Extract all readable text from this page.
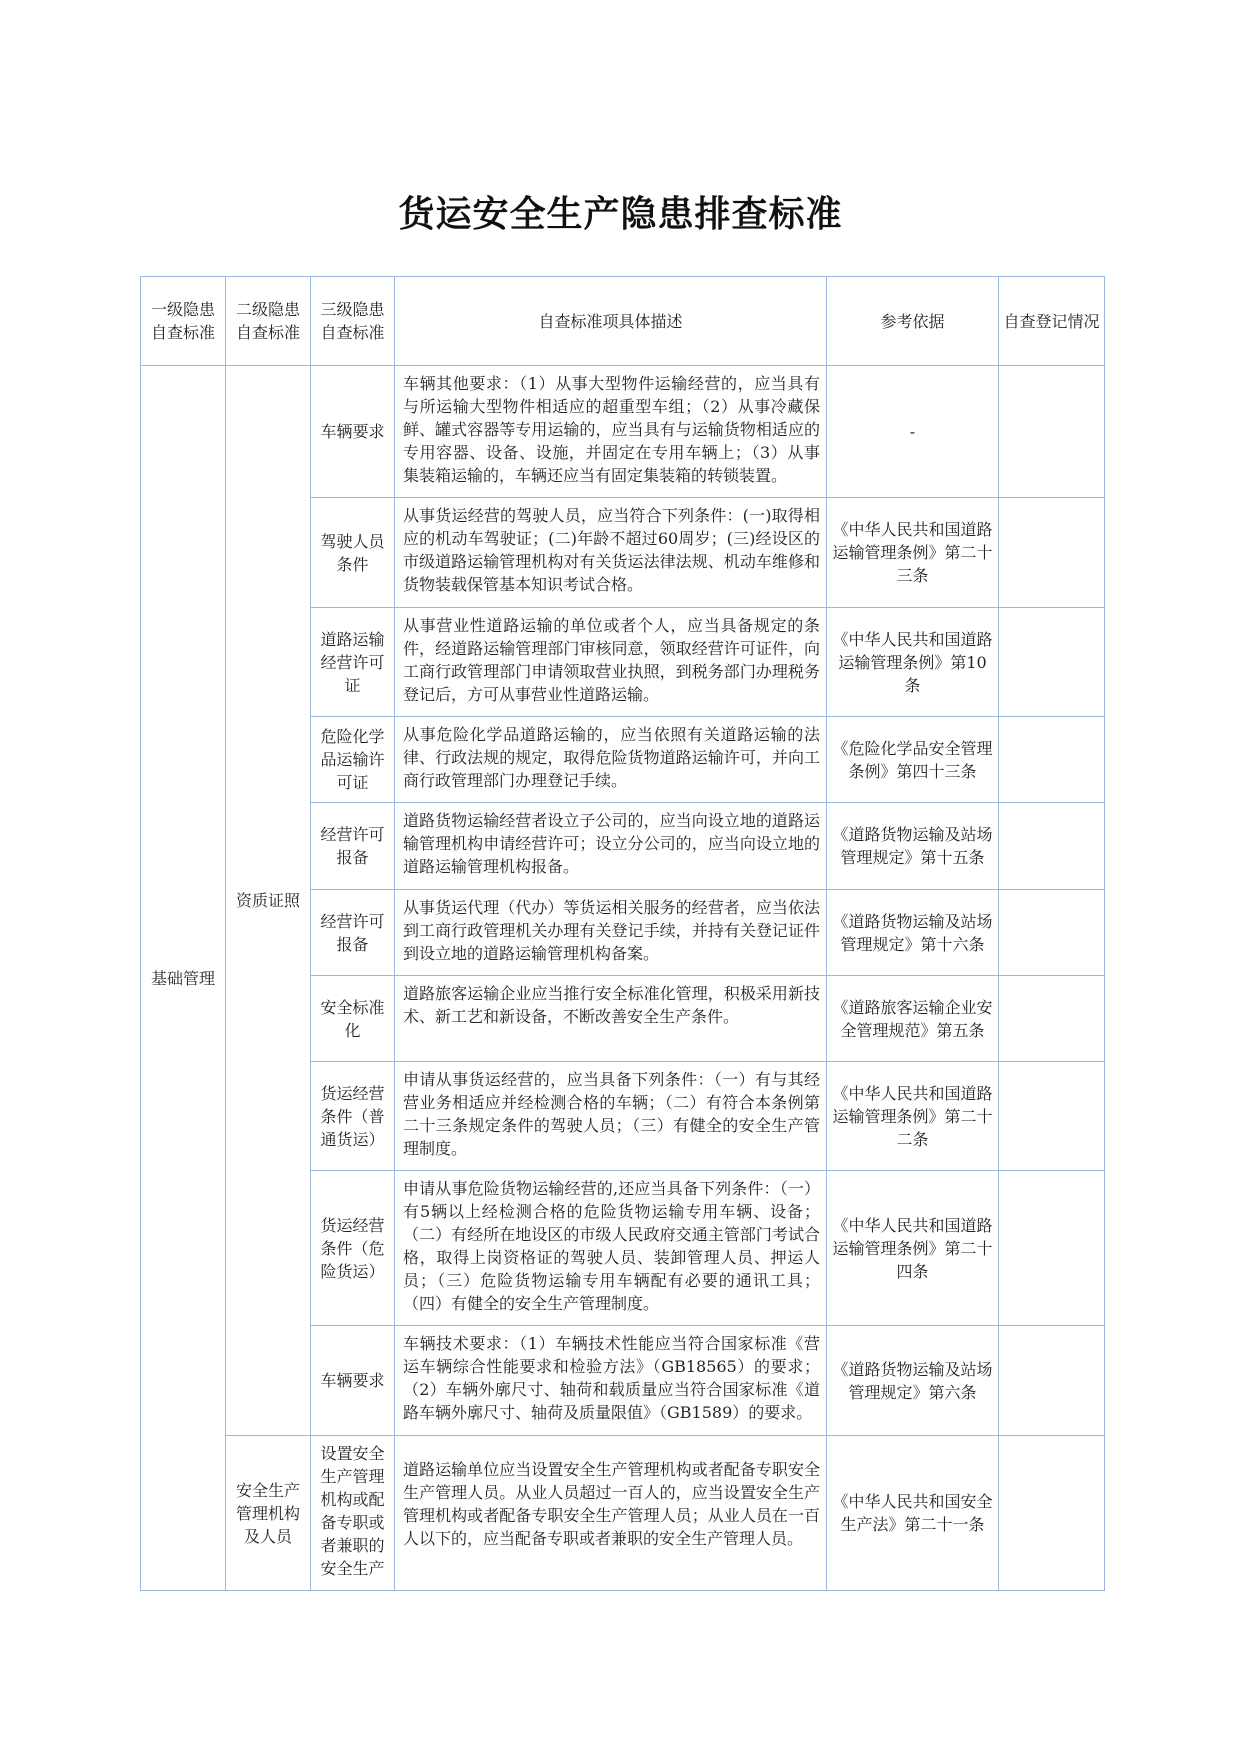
货运安全生产隐患排查标准
一级隐患自查标准	二级隐患自查标准	三级隐患自查标准	自查标准项具体描述	参考依据	自查登记情况
基础管理	资质证照	车辆要求	车辆其他要求：（1）从事大型物件运输经营的，应当具有与所运输大型物件相适应的超重型车组；（2）从事冷藏保鲜、罐式容器等专用运输的，应当具有与运输货物相适应的专用容器、设备、设施，并固定在专用车辆上；（3）从事集装箱运输的，车辆还应当有固定集装箱的转锁装置。	-	
		驾驶人员条件	从事货运经营的驾驶人员，应当符合下列条件：(一)取得相应的机动车驾驶证；(二)年龄不超过60周岁；(三)经设区的市级道路运输管理机构对有关货运法律法规、机动车维修和货物装载保管基本知识考试合格。	《中华人民共和国道路运输管理条例》第二十三条	
		道路运输经营许可证	从事营业性道路运输的单位或者个人，应当具备规定的条件，经道路运输管理部门审核同意，领取经营许可证件，向工商行政管理部门申请领取营业执照，到税务部门办理税务登记后，方可从事营业性道路运输。	《中华人民共和国道路运输管理条例》第10条	
		危险化学品运输许可证	从事危险化学品道路运输的，应当依照有关道路运输的法律、行政法规的规定，取得危险货物道路运输许可，并向工商行政管理部门办理登记手续。	《危险化学品安全管理条例》第四十三条	
		经营许可报备	道路货物运输经营者设立子公司的，应当向设立地的道路运输管理机构申请经营许可；设立分公司的，应当向设立地的道路运输管理机构报备。	《道路货物运输及站场管理规定》第十五条	
		经营许可报备	从事货运代理（代办）等货运相关服务的经营者，应当依法到工商行政管理机关办理有关登记手续，并持有关登记证件到设立地的道路运输管理机构备案。	《道路货物运输及站场管理规定》第十六条	
		安全标准化	道路旅客运输企业应当推行安全标准化管理，积极采用新技术、新工艺和新设备，不断改善安全生产条件。	《道路旅客运输企业安全管理规范》第五条	
		货运经营条件（普通货运）	申请从事货运经营的，应当具备下列条件：（一）有与其经营业务相适应并经检测合格的车辆；（二）有符合本条例第二十三条规定条件的驾驶人员；（三）有健全的安全生产管理制度。	《中华人民共和国道路运输管理条例》第二十二条	
		货运经营条件（危险货运）	申请从事危险货物运输经营的,还应当具备下列条件：（一）有5辆以上经检测合格的危险货物运输专用车辆、设备；（二）有经所在地设区的市级人民政府交通主管部门考试合格，取得上岗资格证的驾驶人员、装卸管理人员、押运人员；（三）危险货物运输专用车辆配有必要的通讯工具；（四）有健全的安全生产管理制度。	《中华人民共和国道路运输管理条例》第二十四条	
		车辆要求	车辆技术要求：（1）车辆技术性能应当符合国家标准《营运车辆综合性能要求和检验方法》（GB18565）的要求；（2）车辆外廓尺寸、轴荷和载质量应当符合国家标准《道路车辆外廓尺寸、轴荷及质量限值》（GB1589）的要求。	《道路货物运输及站场管理规定》第六条	
	安全生产管理机构及人员	设置安全生产管理机构或配备专职或者兼职的安全生产	道路运输单位应当设置安全生产管理机构或者配备专职安全生产管理人员。从业人员超过一百人的，应当设置安全生产管理机构或者配备专职安全生产管理人员；从业人员在一百人以下的，应当配备专职或者兼职的安全生产管理人员。	《中华人民共和国安全生产法》第二十一条	
